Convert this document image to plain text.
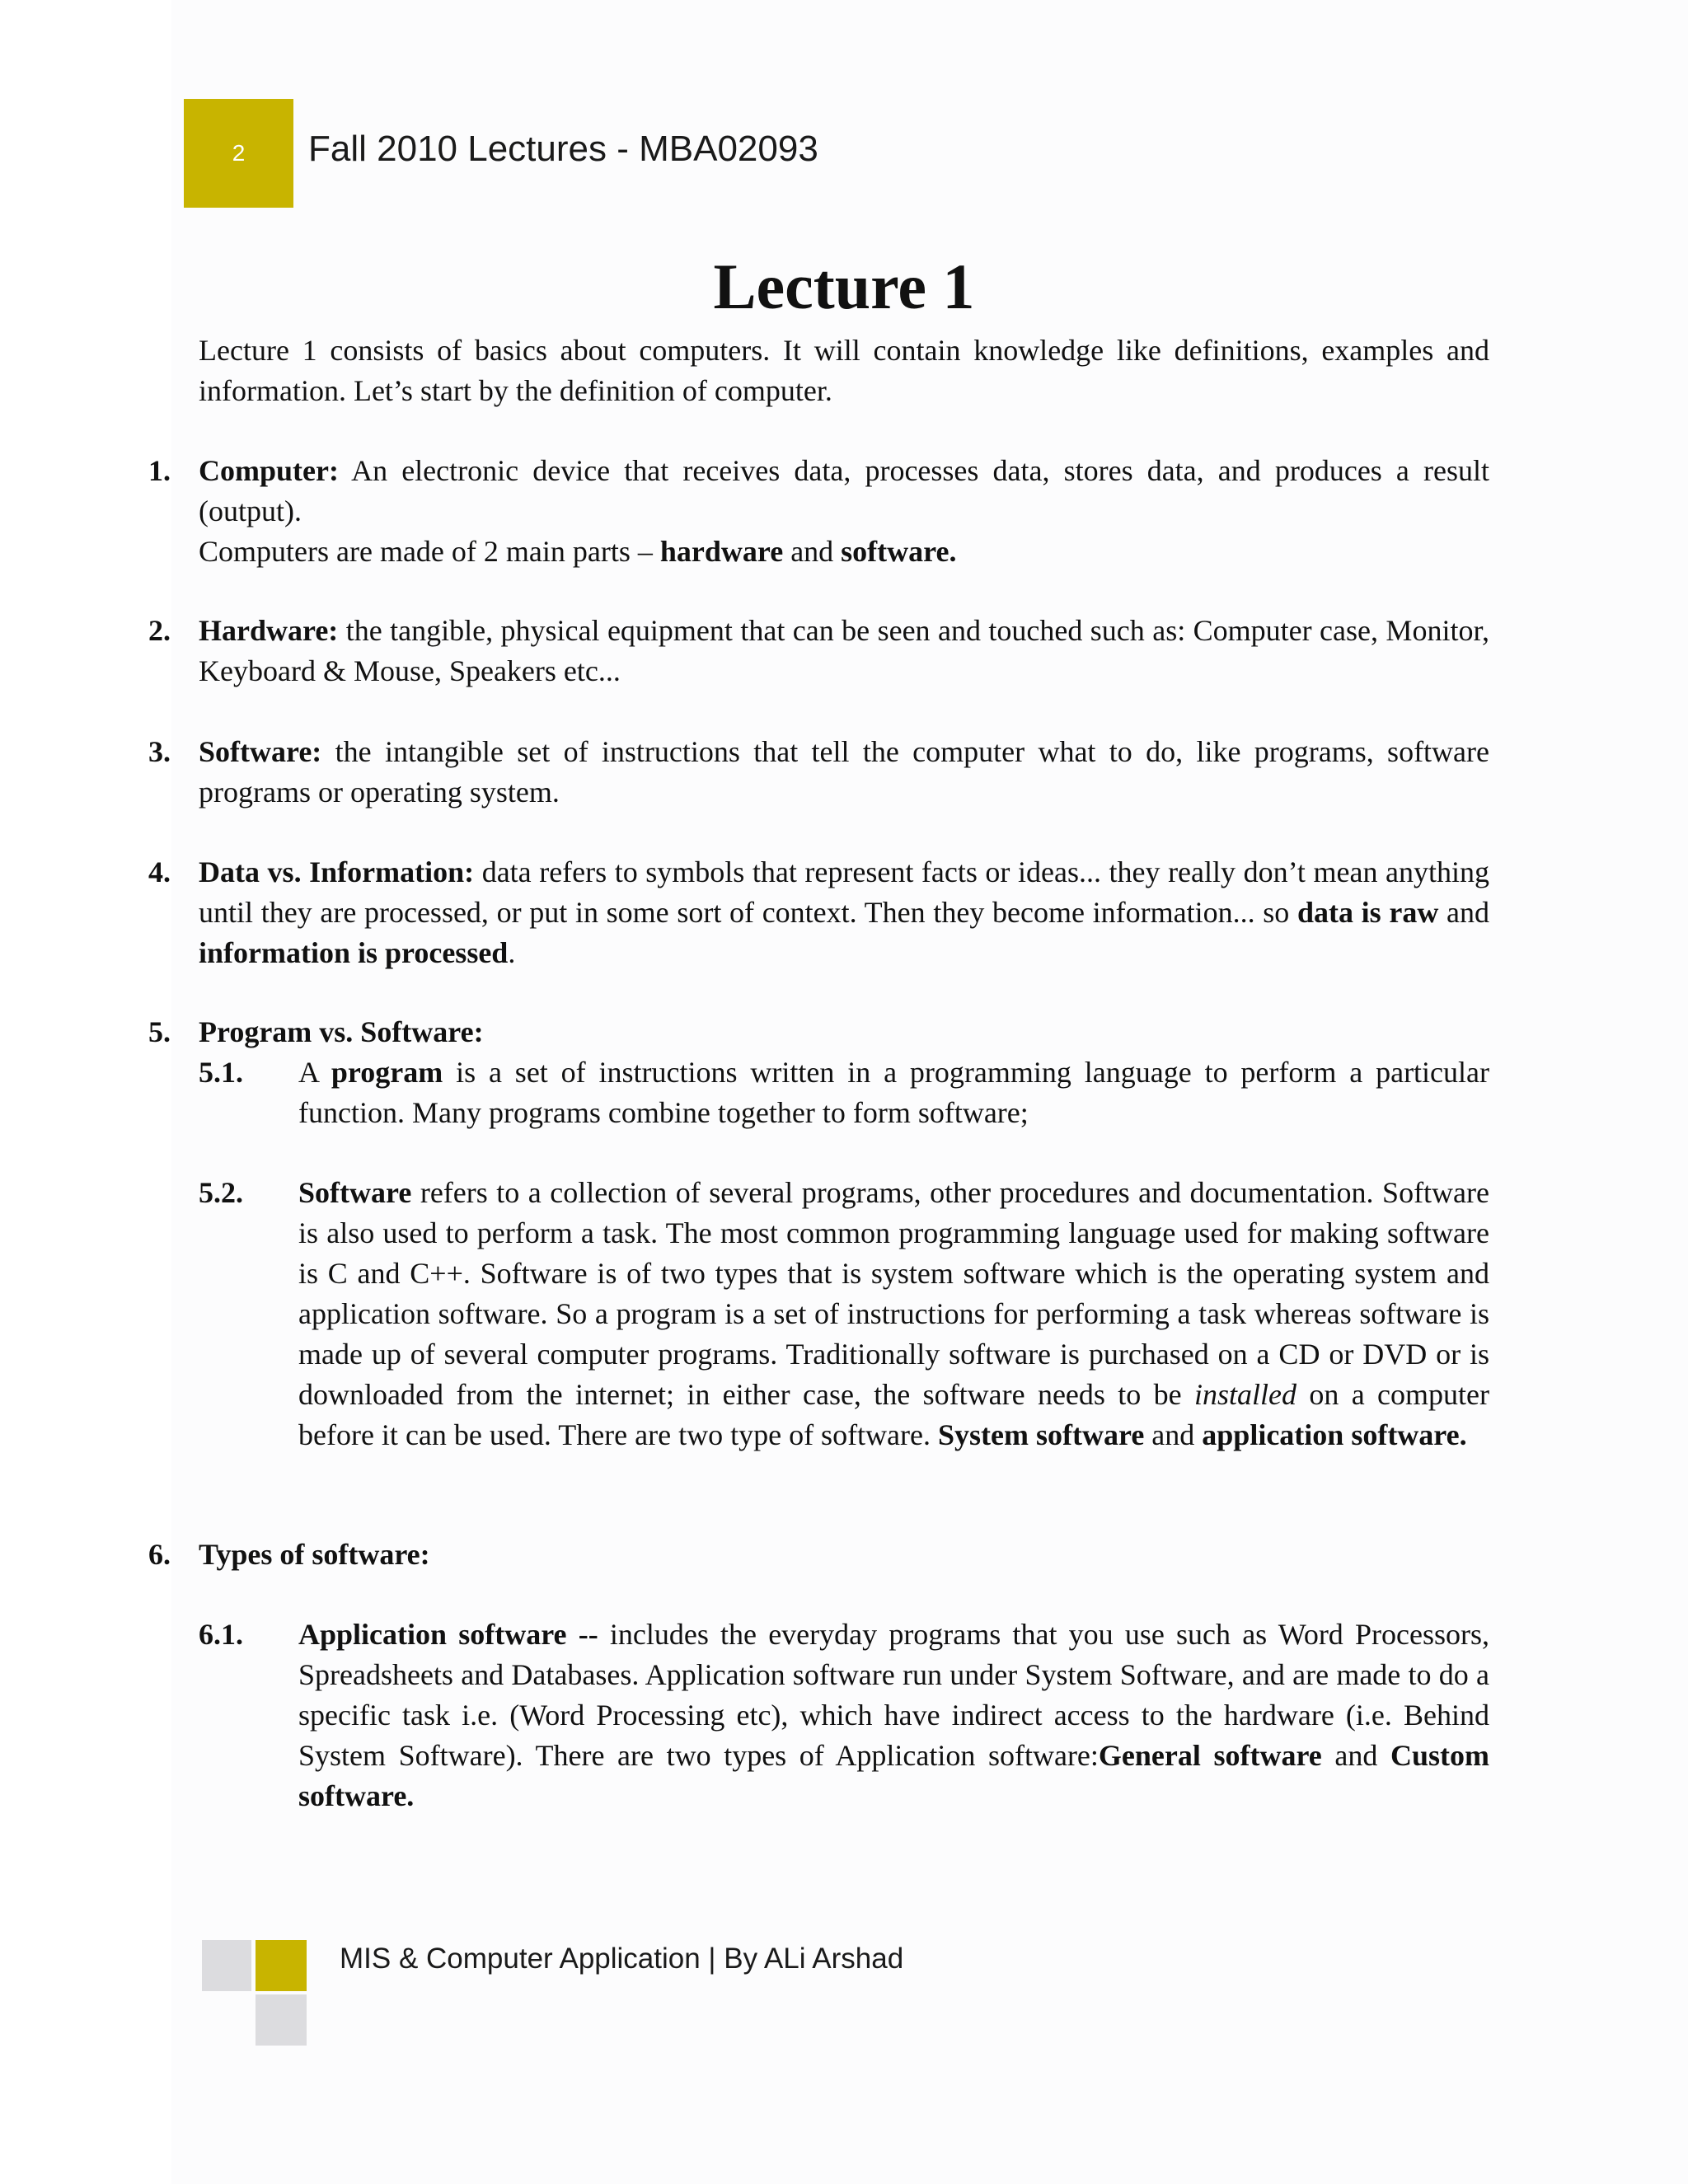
2 Fall 2010 Lectures - MBA02093
Lecture 1

Lecture 1 consists of basics about computers. It will contain knowledge like definitions, examples and information. Let’s start by the definition of computer.

1. Computer: An electronic device that receives data, processes data, stores data, and produces a result (output).
Computers are made of 2 main parts – hardware and software.
2. Hardware: the tangible, physical equipment that can be seen and touched such as: Computer case, Monitor, Keyboard & Mouse, Speakers etc...
3. Software: the intangible set of instructions that tell the computer what to do, like programs, software programs or operating system.
4. Data vs. Information: data refers to symbols that represent facts or ideas... they really don’t mean anything until they are processed, or put in some sort of context. Then they become information... so data is raw and information is processed.
5. Program vs. Software:
5.1. A program is a set of instructions written in a programming language to perform a particular function. Many programs combine together to form software;
5.2. Software refers to a collection of several programs, other procedures and documentation. Software is also used to perform a task. The most common programming language used for making software is C and C++. Software is of two types that is system software which is the operating system and application software. So a program is a set of instructions for performing a task whereas software is made up of several computer programs. Traditionally software is purchased on a CD or DVD or is downloaded from the internet; in either case, the software needs to be installed on a computer before it can be used. There are two type of software. System software and application software.
6. Types of software:
6.1. Application software -- includes the everyday programs that you use such as Word Processors, Spreadsheets and Databases. Application software run under System Software, and are made to do a specific task i.e. (Word Processing etc), which have indirect access to the hardware (i.e. Behind System Software). There are two types of Application software:General software and Custom software.
MIS & Computer Application | By ALi Arshad
